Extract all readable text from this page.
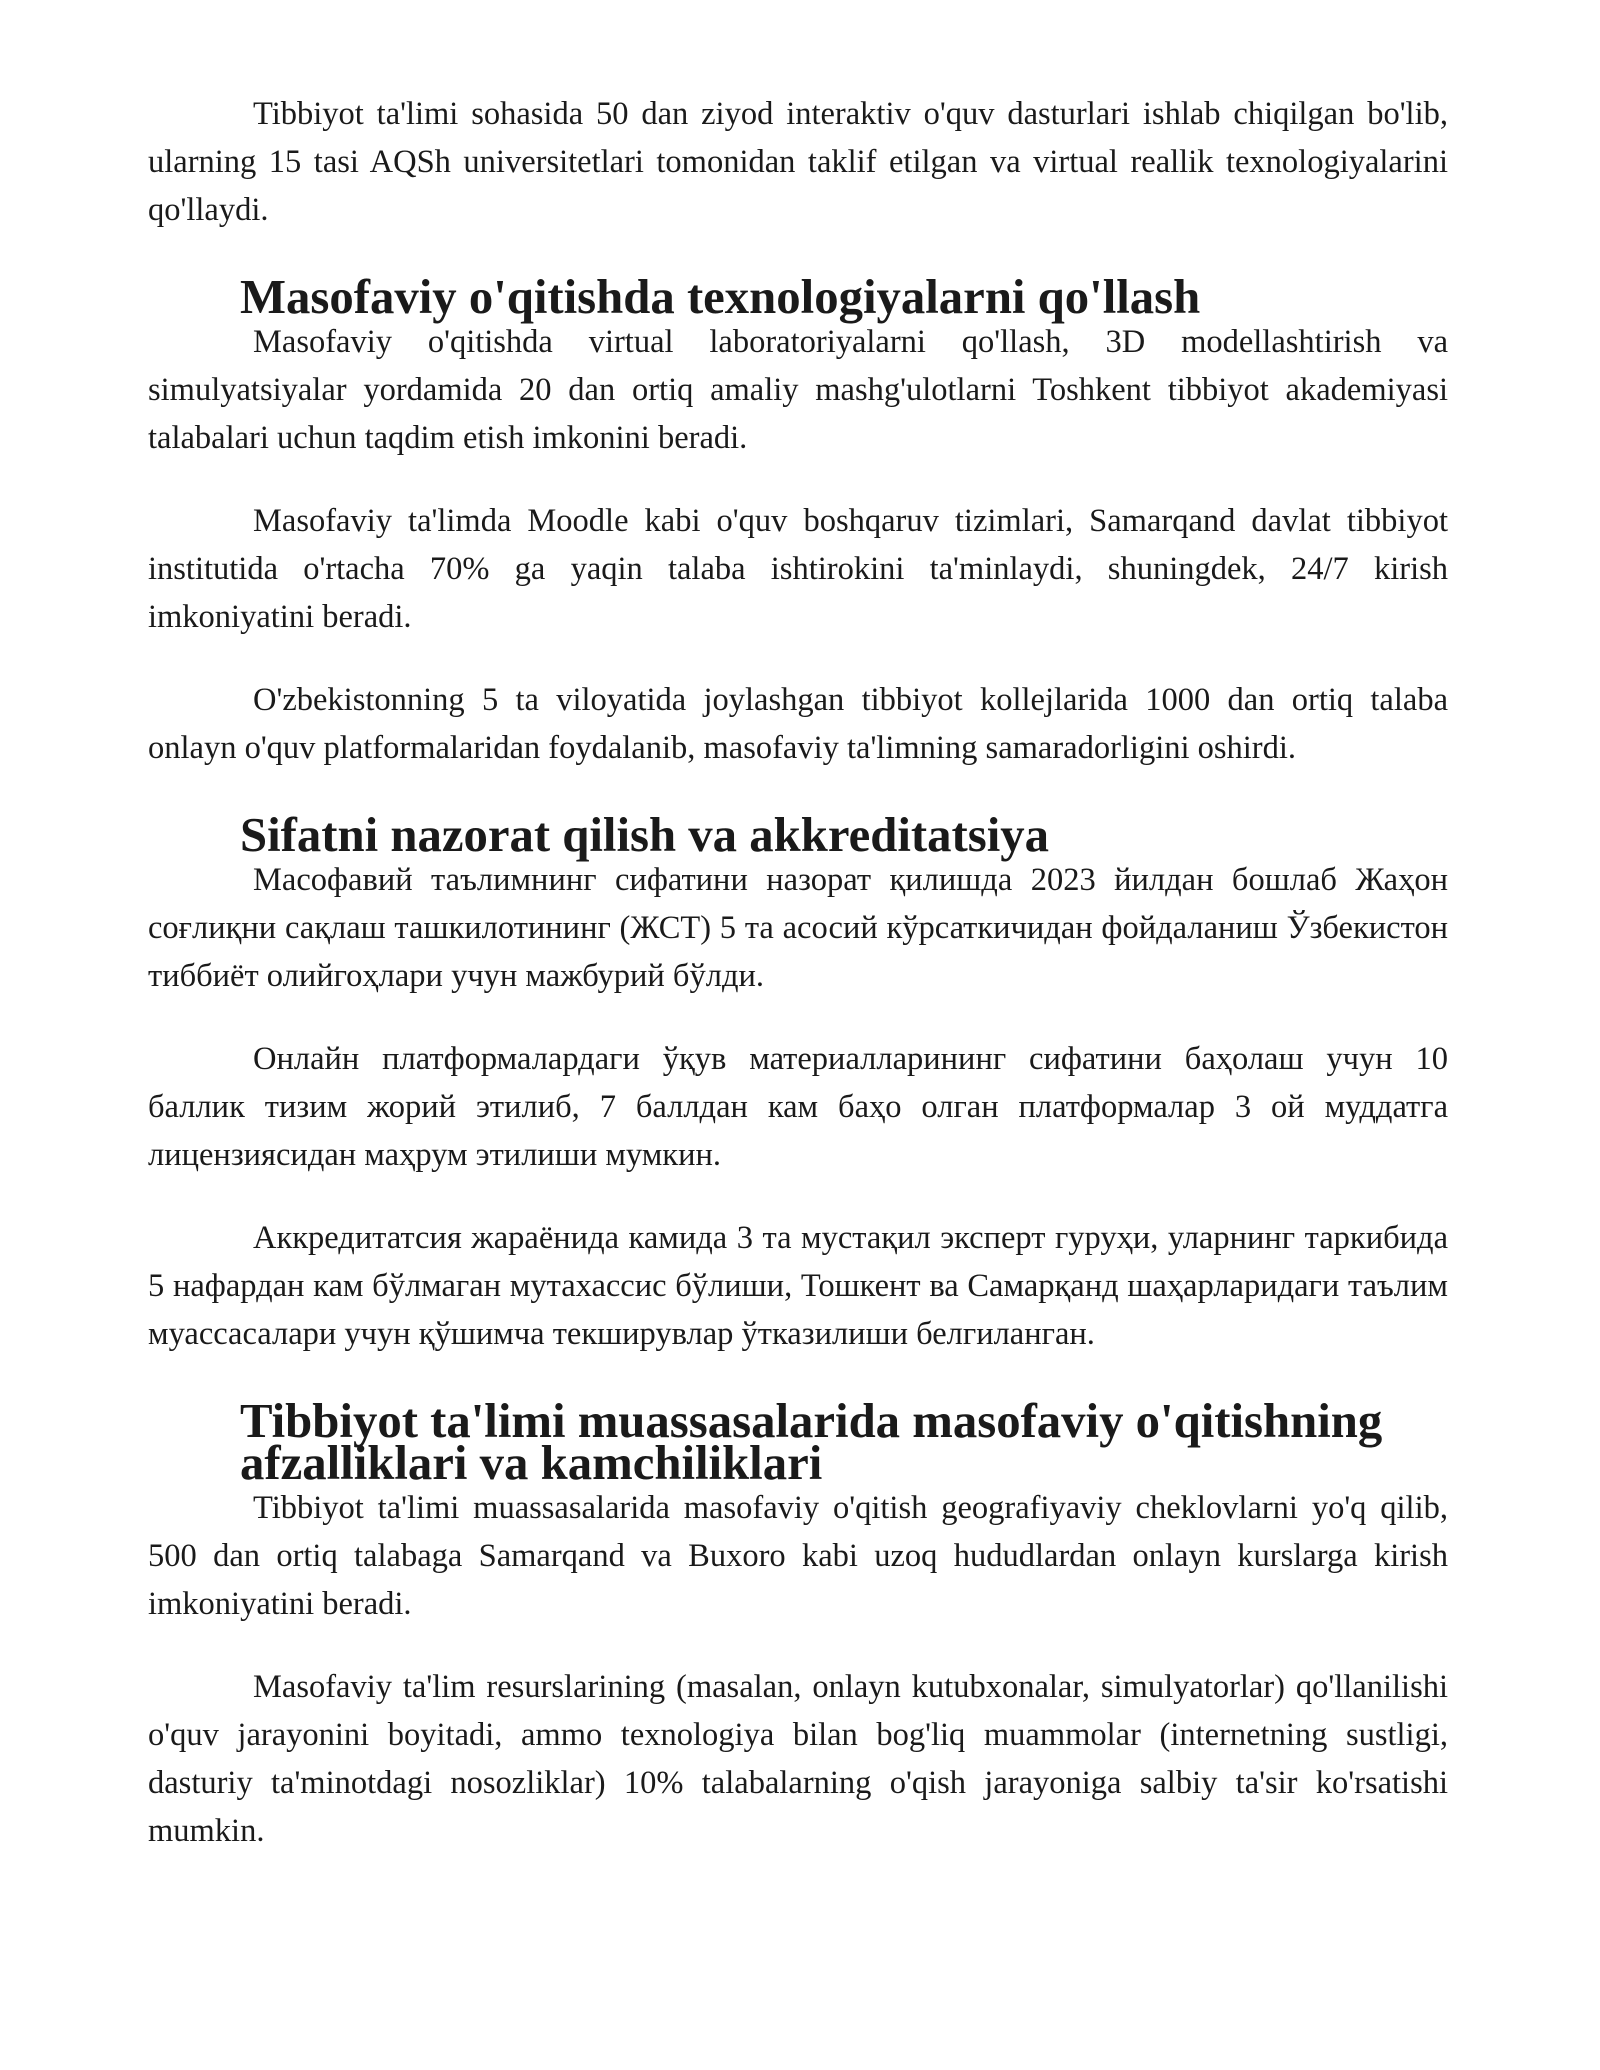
Tibbiyot ta'limi sohasida 50 dan ziyod interaktiv o'quv dasturlari ishlab chiqilgan bo'lib, ularning 15 tasi AQSh universitetlari tomonidan taklif etilgan va virtual reallik texnologiyalarini qo'llaydi.

Masofaviy o'qitishda texnologiyalarni qo'llash

Masofaviy o'qitishda virtual laboratoriyalarni qo'llash, 3D modellashtirish va simulyatsiyalar yordamida 20 dan ortiq amaliy mashg'ulotlarni Toshkent tibbiyot akademiyasi talabalari uchun taqdim etish imkonini beradi.

Masofaviy ta'limda Moodle kabi o'quv boshqaruv tizimlari, Samarqand davlat tibbiyot institutida o'rtacha 70% ga yaqin talaba ishtirokini ta'minlaydi, shuningdek, 24/7 kirish imkoniyatini beradi.

O'zbekistonning 5 ta viloyatida joylashgan tibbiyot kollejlarida 1000 dan ortiq talaba onlayn o'quv platformalaridan foydalanib, masofaviy ta'limning samaradorligini oshirdi.

Sifatni nazorat qilish va akkreditatsiya

Масофавий таълимнинг сифатини назорат қилишда 2023 йилдан бошлаб Жаҳон соғлиқни сақлаш ташкилотининг (ЖСТ) 5 та асосий кўрсаткичидан фойдаланиш Ўзбекистон тиббиёт олийгоҳлари учун мажбурий бўлди.

Онлайн платформалардаги ўқув материалларининг сифатини баҳолаш учун 10 баллик тизим жорий этилиб, 7 баллдан кам баҳо олган платформалар 3 ой муддатга лицензиясидан маҳрум этилиши мумкин.

Аккредитатсия жараёнида камида 3 та мустақил эксперт гуруҳи, уларнинг таркибида 5 нафардан кам бўлмаган мутахассис бўлиши, Тошкент ва Самарқанд шаҳарларидаги таълим муассасалари учун қўшимча текширувлар ўтказилиши белгиланган.

Tibbiyot ta'limi muassasalarida masofaviy o'qitishning afzalliklari va kamchiliklari

Tibbiyot ta'limi muassasalarida masofaviy o'qitish geografiyaviy cheklovlarni yo'q qilib, 500 dan ortiq talabaga Samarqand va Buxoro kabi uzoq hududlardan onlayn kurslarga kirish imkoniyatini beradi.

Masofaviy ta'lim resurslarining (masalan, onlayn kutubxonalar, simulyatorlar) qo'llanilishi o'quv jarayonini boyitadi, ammo texnologiya bilan bog'liq muammolar (internetning sustligi, dasturiy ta'minotdagi nosozliklar) 10% talabalarning o'qish jarayoniga salbiy ta'sir ko'rsatishi mumkin.
